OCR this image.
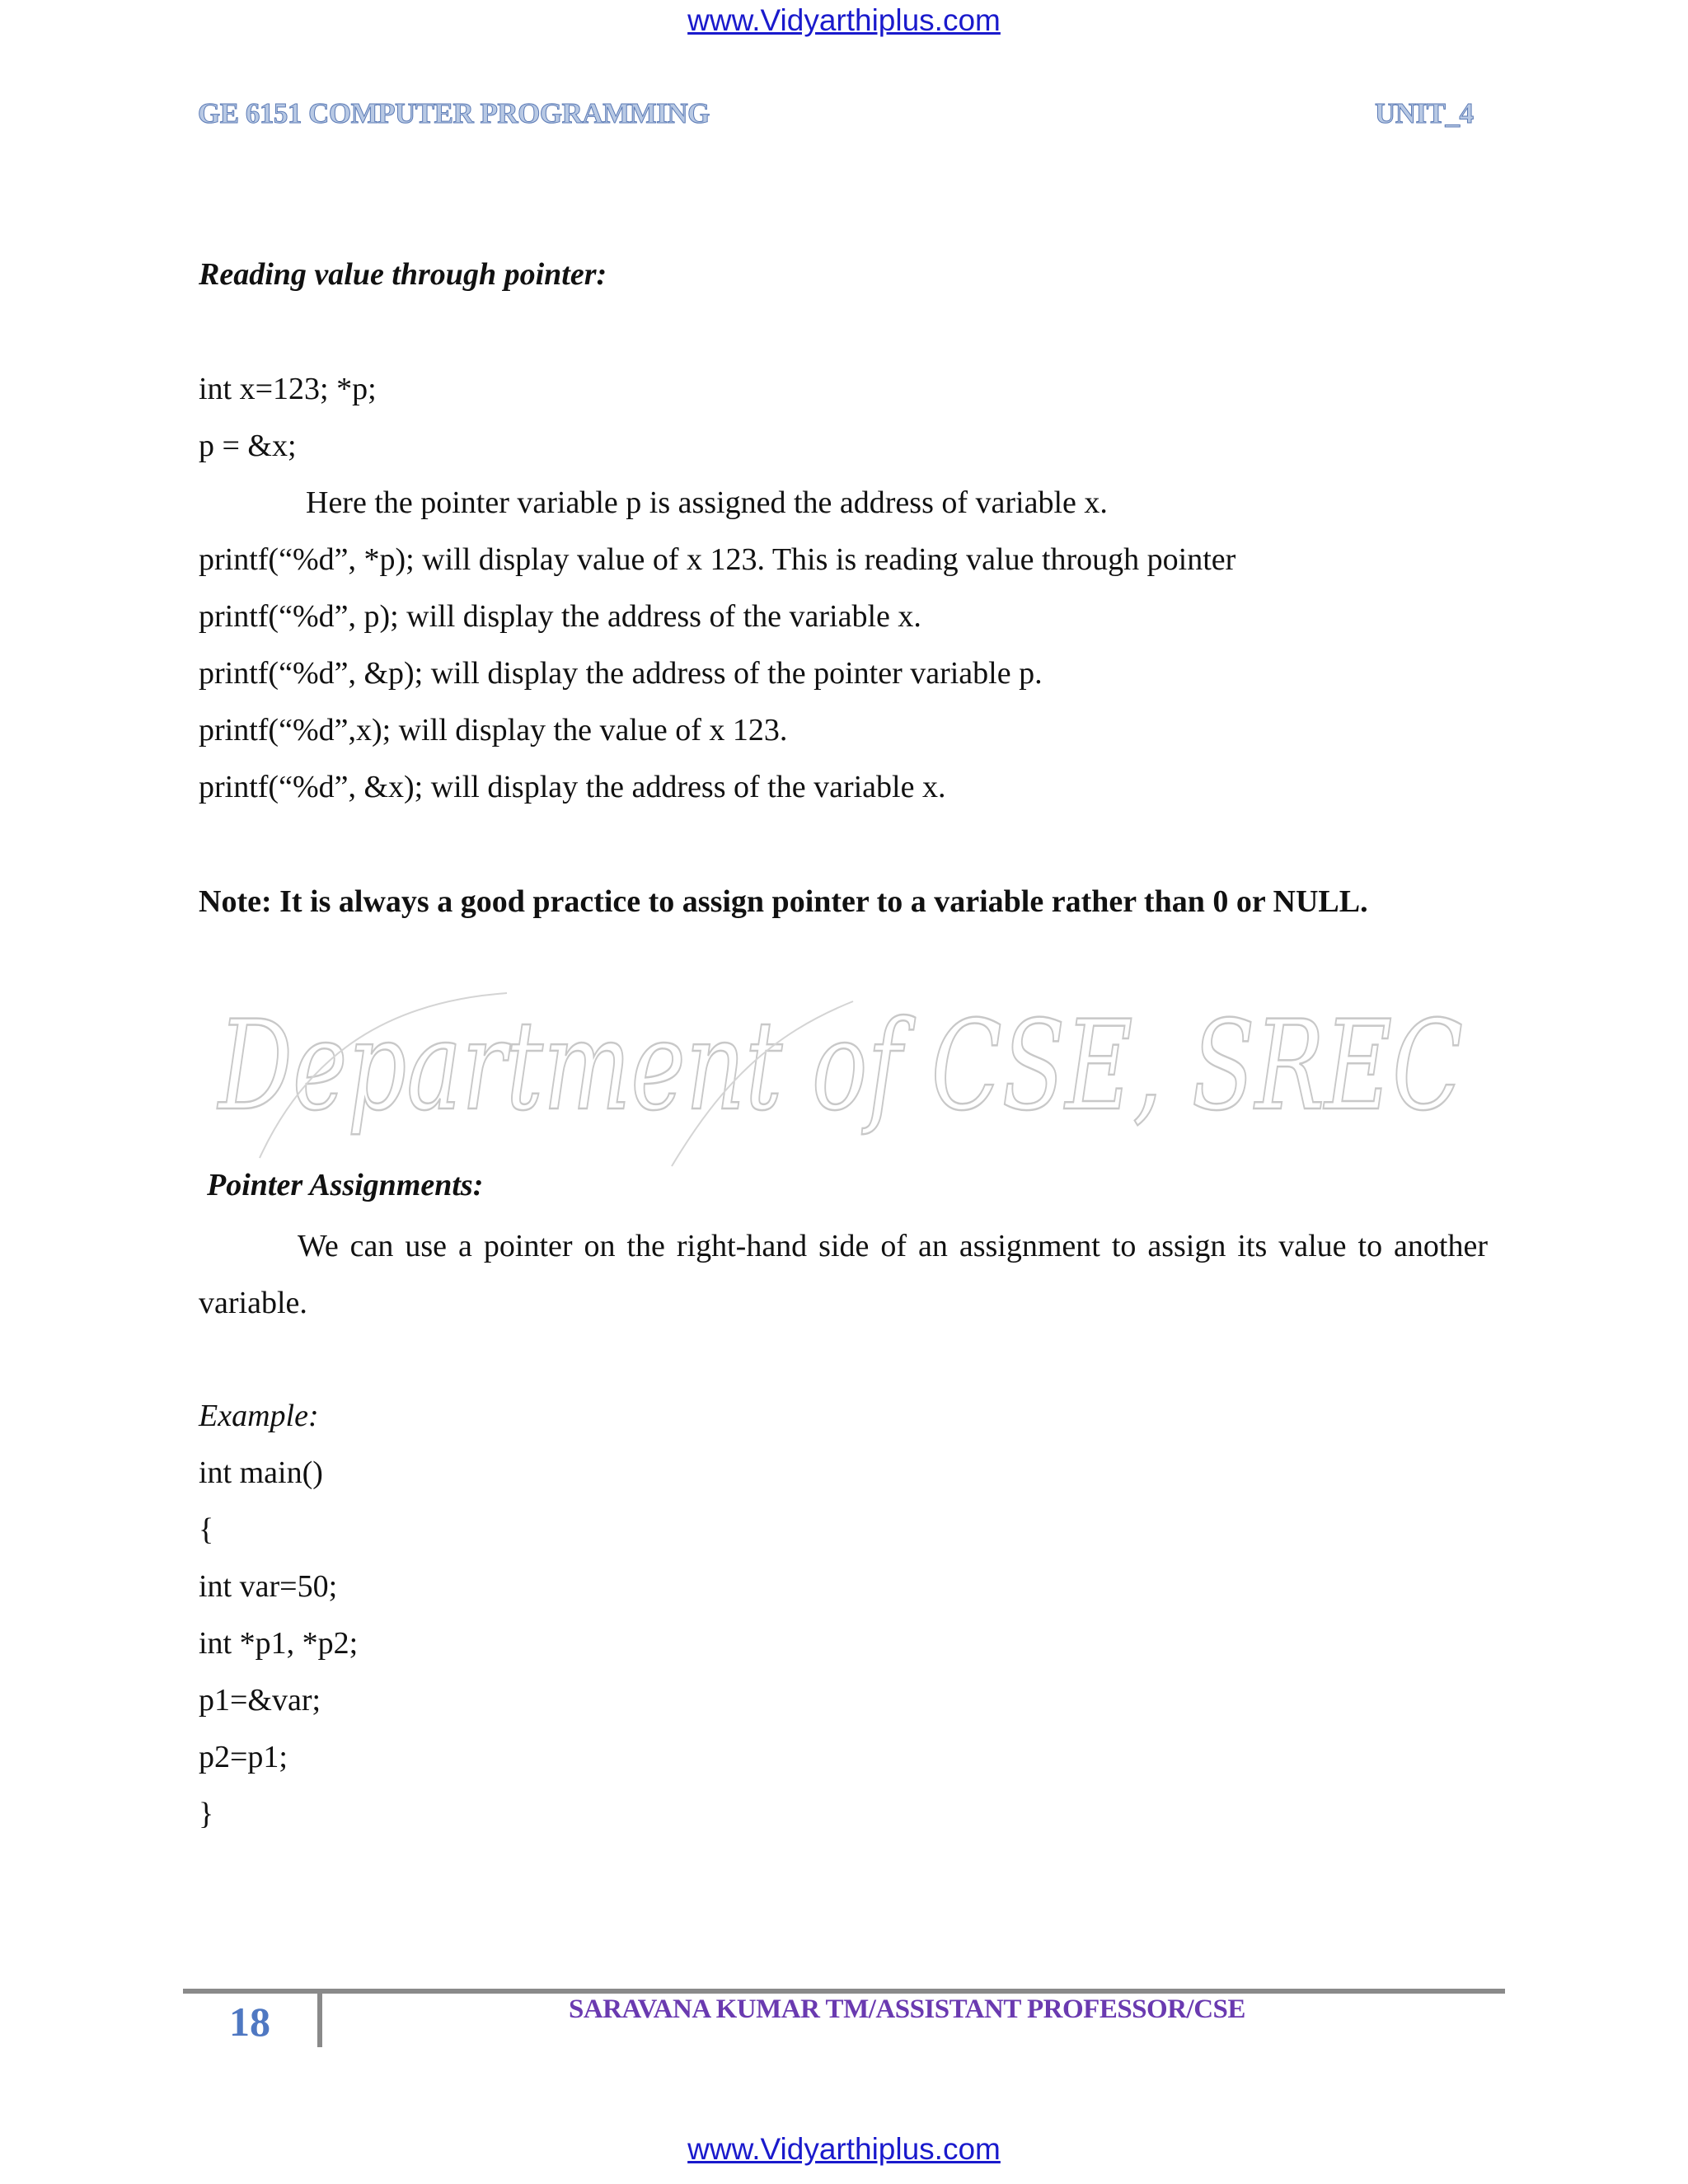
www.Vidyarthiplus.com
GE 6151 COMPUTER PROGRAMMING	UNIT_4
Reading value through pointer:
int x=123; *p;
p = &x;
Here the pointer variable p is assigned the address of variable x.
printf(“%d”, *p); will display value of x 123. This is reading value through pointer
printf(“%d”, p); will display the address of the variable x.
printf(“%d”, &p); will display the address of the pointer variable p.
printf(“%d”,x); will display the value of x 123.
printf(“%d”, &x); will display the address of the variable x.
Note: It is always a good practice to assign pointer to a variable rather than 0 or NULL.
Department of CSE, SREC
Pointer Assignments:
We can use a pointer on the right-hand side of an assignment to assign its value to another variable.
Example:
int main()
{
int var=50;
int *p1, *p2;
p1=&var;
p2=p1;
}
18	SARAVANA KUMAR TM/ASSISTANT PROFESSOR/CSE
www.Vidyarthiplus.com
